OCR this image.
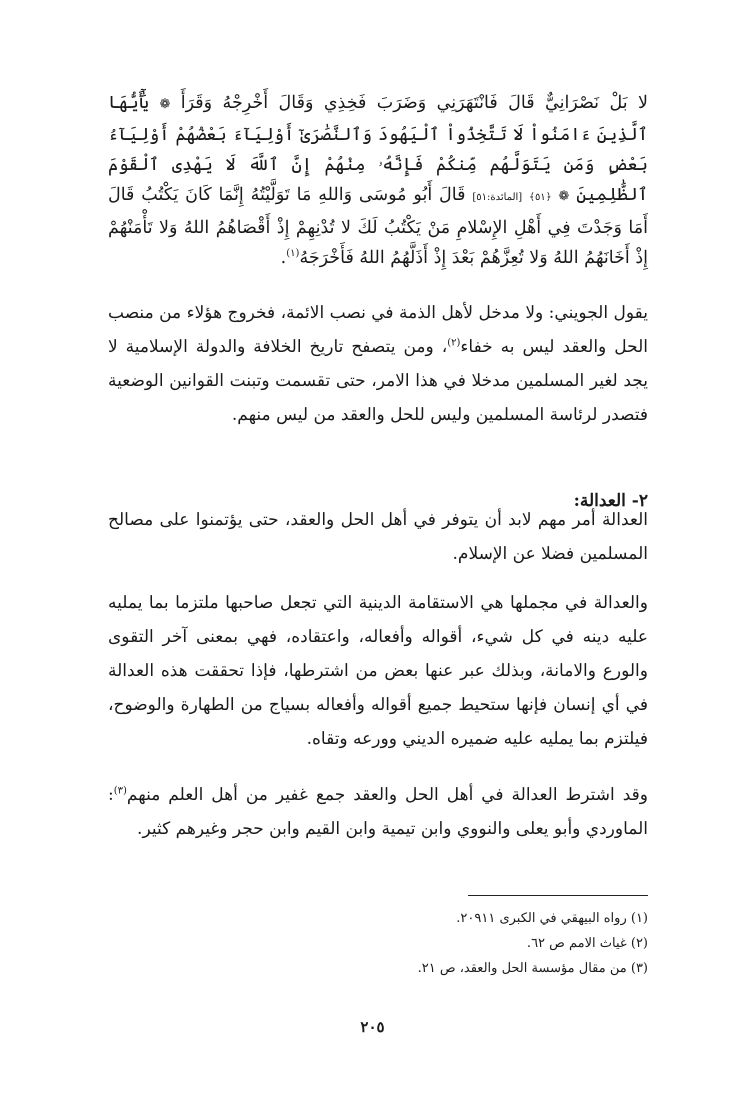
لا بَلْ نَصْرَانِيٌّ قَالَ فَانْتَهَرَنِي وَضَرَبَ فَخِذِي وَقَالَ أَخْرِجْهُ وَقَرَأَ ❁ يَٰٓأَيُّهَا ٱلَّذِينَ ءَامَنُواْ لَا تَتَّخِذُواْ ٱلْيَهُودَ وَٱلنَّصَٰرَىٰٓ أَوْلِيَآءَ بَعْضُهُمْ أَوْلِيَآءُ بَعْضٍ وَمَن يَتَوَلَّهُم مِّنكُمْ فَإِنَّهُۥ مِنْهُمْ إِنَّ ٱللَّهَ لَا يَهْدِى ٱلْقَوْمَ ٱلظَّٰلِمِينَ ❁ ﴿٥١﴾ [المائدة:٥١] قَالَ أَبُو مُوسَى وَاللهِ مَا تَوَلَّيْتُهُ إِنَّمَا كَانَ يَكْتُبُ قَالَ أَمَا وَجَدْتَ فِي أَهْلِ الإِسْلامِ مَنْ يَكْتُبُ لَكَ لا تُدْنِهِمْ إِذْ أَقْصَاهُمُ اللهُ وَلا تَأْمَنْهُمْ إِذْ أَخَانَهُمُ اللهُ وَلا تُعِزَّهُمْ بَعْدَ إِذْ أَذَلَّهُمُ اللهُ فَأَخْرَجَهُ$^{(١)}$.
يقول الجويني: ولا مدخل لأهل الذمة في نصب الائمة، فخروج هؤلاء من منصب الحل والعقد ليس به خفاء$^{(٢)}$، ومن يتصفح تاريخ الخلافة والدولة الإسلامية لا يجد لغير المسلمين مدخلا في هذا الامر، حتى تقسمت وتبنت القوانين الوضعية فتصدر لرئاسة المسلمين وليس للحل والعقد من ليس منهم.
٢- العدالة:
العدالة أمر مهم لابد أن يتوفر في أهل الحل والعقد، حتى يؤتمنوا على مصالح المسلمين فضلا عن الإسلام.
والعدالة في مجملها هي الاستقامة الدينية التي تجعل صاحبها ملتزما بما يمليه عليه دينه في كل شيء، أقواله وأفعاله، واعتقاده، فهي بمعنى آخر التقوى والورع والامانة، وبذلك عبر عنها بعض من اشترطها، فإذا تحققت هذه العدالة في أي إنسان فإنها ستحيط جميع أقواله وأفعاله بسياج من الطهارة والوضوح، فيلتزم بما يمليه عليه ضميره الديني وورعه وتقاه.
وقد اشترط العدالة في أهل الحل والعقد جمع غفير من أهل العلم منهم$^{(٣)}$: الماوردي وأبو يعلى والنووي وابن تيمية وابن القيم وابن حجر وغيرهم كثير.
(١) رواه البيهقي في الكبرى ٢٠٩١١.
(٢) غياث الامم ص ٦٢.
(٣) من مقال مؤسسة الحل والعقد، ص ٢١.
٢٠٥
